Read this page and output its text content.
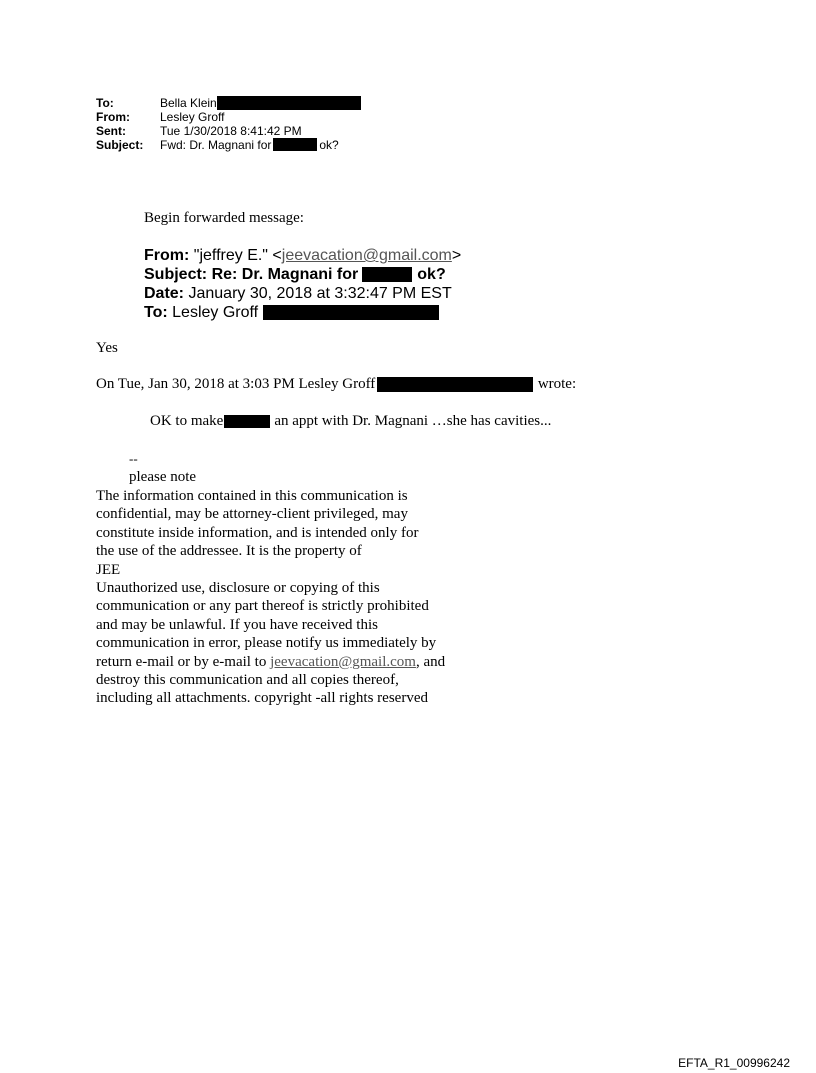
To:	Bella Klein
From:	Lesley Groff
Sent:	Tue 1/30/2018 8:41:42 PM
Subject:	Fwd: Dr. Magnani for	ok?
Begin forwarded message:
From: "jeffrey E." <jeevacation@gmail.com>
Subject: Re: Dr. Magnani for	ok?
Date: January 30, 2018 at 3:32:47 PM EST
To: Lesley Groff
Yes
On Tue, Jan 30, 2018 at 3:03 PM Lesley Groff	wrote:
OK to make	an appt with Dr. Magnani …she has cavities...
--
please note
The information contained in this communication is
confidential, may be attorney-client privileged, may
constitute inside information, and is intended only for
the use of the addressee. It is the property of
JEE
Unauthorized use, disclosure or copying of this
communication or any part thereof is strictly prohibited
and may be unlawful. If you have received this
communication in error, please notify us immediately by
return e-mail or by e-mail to jeevacation@gmail.com, and
destroy this communication and all copies thereof,
including all attachments. copyright -all rights reserved
EFTA_R1_00996242
